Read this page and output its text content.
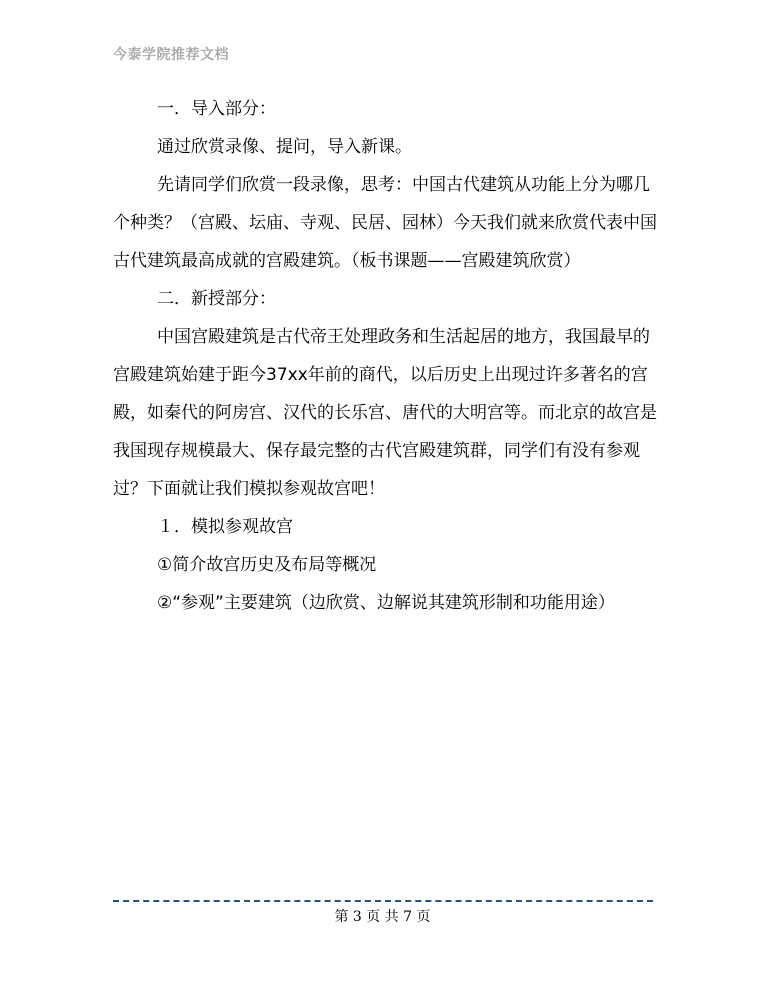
今泰学院推荐文档

一．导入部分：

通过欣赏录像、提问，导入新课。

先请同学们欣赏一段录像，思考：中国古代建筑从功能上分为哪几个种类？（宫殿、坛庙、寺观、民居、园林）今天我们就来欣赏代表中国古代建筑最高成就的宫殿建筑。（板书课题——宫殿建筑欣赏）

二．新授部分：

中国宫殿建筑是古代帝王处理政务和生活起居的地方，我国最早的宫殿建筑始建于距今37xx年前的商代，以后历史上出现过许多著名的宫殿，如秦代的阿房宫、汉代的长乐宫、唐代的大明宫等。而北京的故宫是我国现存规模最大、保存最完整的古代宫殿建筑群，同学们有没有参观过？下面就让我们模拟参观故宫吧！

１．模拟参观故宫

①简介故宫历史及布局等概况

②“参观”主要建筑（边欣赏、边解说其建筑形制和功能用途）

第 3 页 共 7 页
